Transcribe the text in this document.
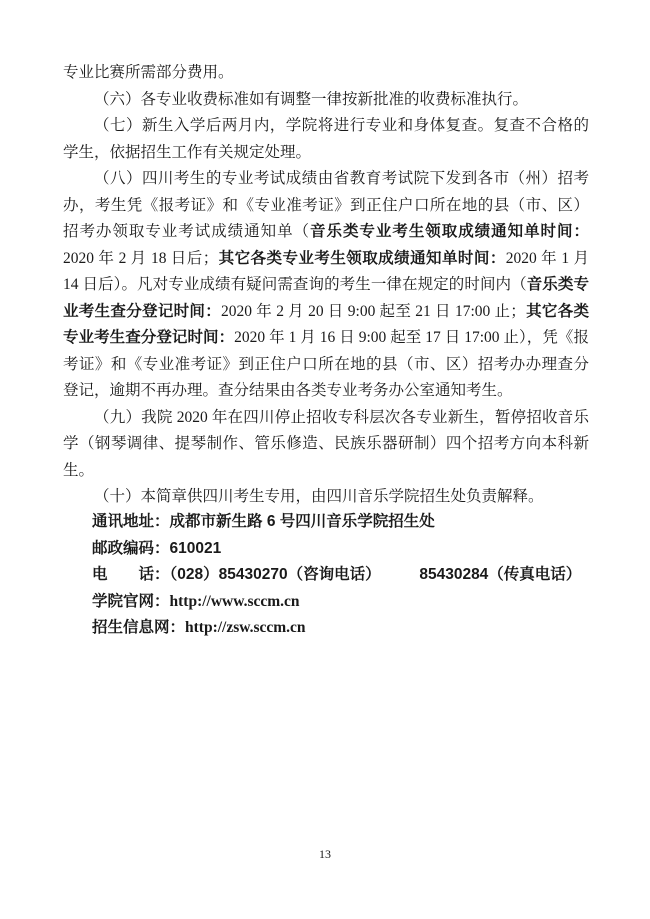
专业比赛所需部分费用。

（六）各专业收费标准如有调整一律按新批准的收费标准执行。

（七）新生入学后两月内，学院将进行专业和身体复查。复查不合格的学生，依据招生工作有关规定处理。

（八）四川考生的专业考试成绩由省教育考试院下发到各市（州）招考办，考生凭《报考证》和《专业准考证》到正住户口所在地的县（市、区）招考办领取专业考试成绩通知单（音乐类专业考生领取成绩通知单时间：2020 年 2 月 18 日后；其它各类专业考生领取成绩通知单时间：2020 年 1 月 14 日后）。凡对专业成绩有疑问需查询的考生一律在规定的时间内（音乐类专业考生查分登记时间：2020 年 2 月 20 日 9:00 起至 21 日 17:00 止；其它各类专业考生查分登记时间：2020 年 1 月 16 日 9:00 起至 17 日 17:00 止），凭《报考证》和《专业准考证》到正住户口所在地的县（市、区）招考办办理查分登记，逾期不再办理。查分结果由各类专业考务办公室通知考生。

（九）我院 2020 年在四川停止招收专科层次各专业新生，暂停招收音乐学（钢琴调律、提琴制作、管乐修造、民族乐器研制）四个招考方向本科新生。

（十）本简章供四川考生专用，由四川音乐学院招生处负责解释。

通讯地址：成都市新生路 6 号四川音乐学院招生处
邮政编码：610021
电　　话：（028）85430270（咨询电话）　　　85430284（传真电话）
学院官网：http://www.sccm.cn
招生信息网：http://zsw.sccm.cn
13
